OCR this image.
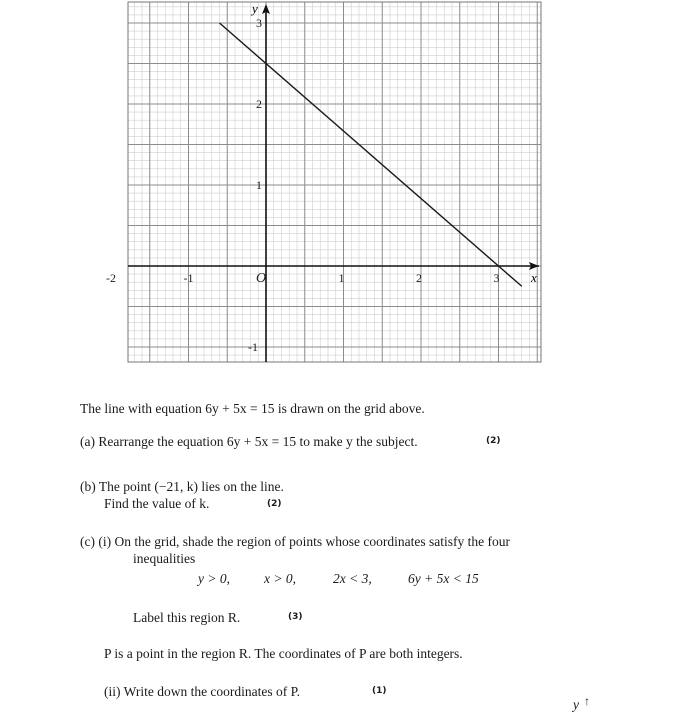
x
y
-2	-1	O	1	2	3
3
2
1
-1
The line with equation 6y + 5x = 15 is drawn on the grid above.
(a) Rearrange the equation 6y + 5x = 15 to make y the subject.	(2)
(b) The point (−21, k) lies on the line.
Find the value of k.	(2)
(c) (i) On the grid, shade the region of points whose coordinates satisfy the four
inequalities
y > 0,	x > 0,	2x < 3,	6y + 5x < 15
Label this region R.	(3)
P is a point in the region R. The coordinates of P are both integers.
(ii) Write down the coordinates of P.	(1)
y ↑
